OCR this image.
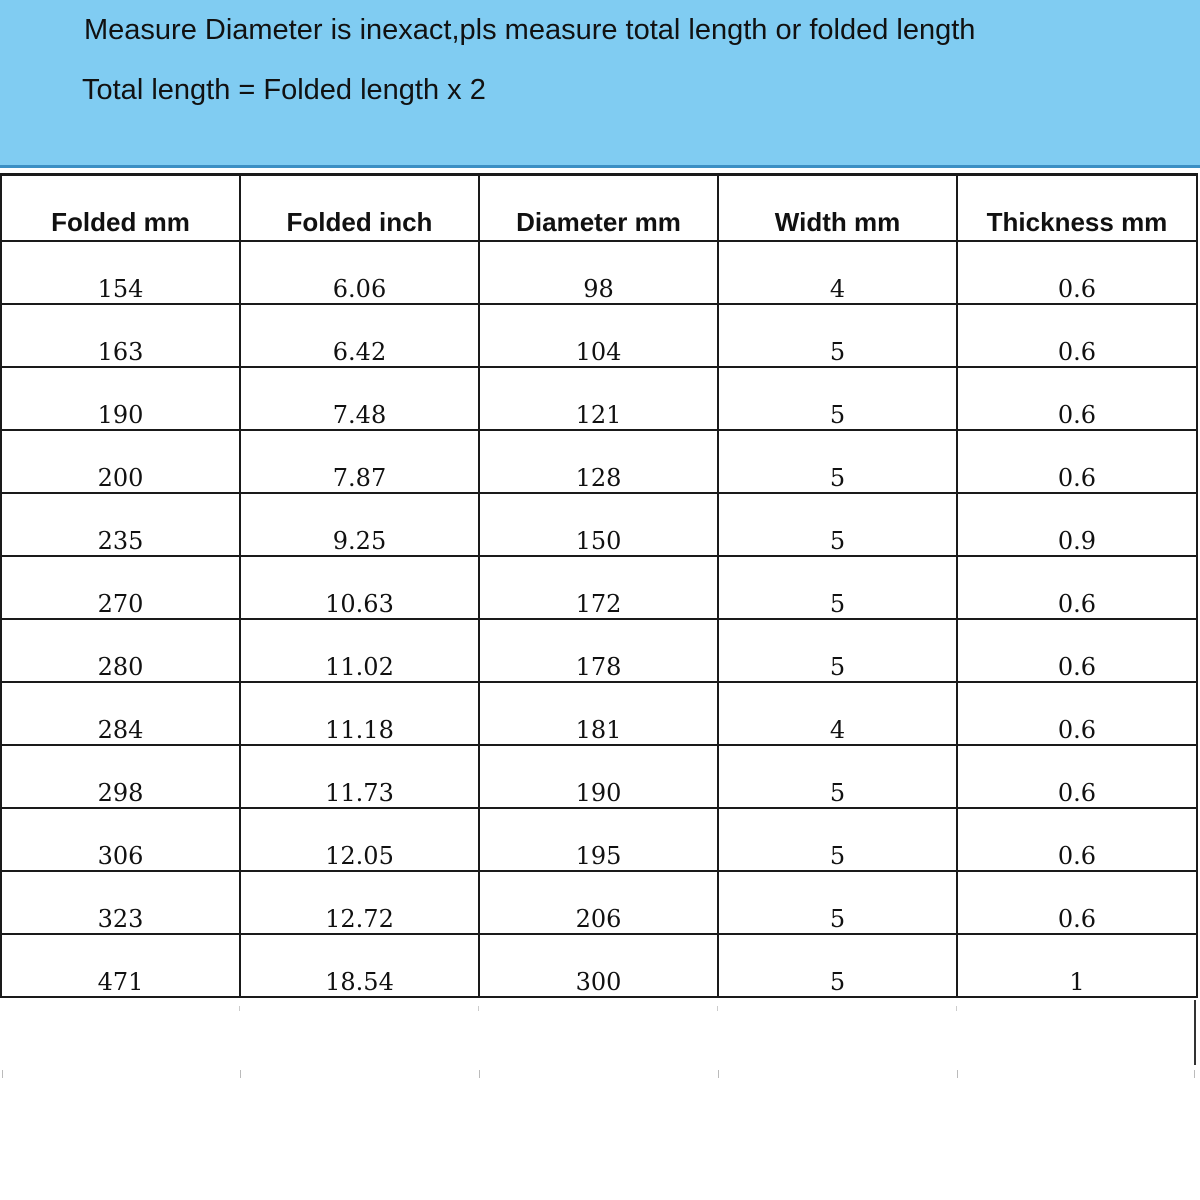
Measure Diameter is inexact,pls measure total length or folded length
Total length = Folded length x 2
Folded mm	Folded inch	Diameter mm	Width mm	Thickness mm
154	6.06	98	4	0.6
163	6.42	104	5	0.6
190	7.48	121	5	0.6
200	7.87	128	5	0.6
235	9.25	150	5	0.9
270	10.63	172	5	0.6
280	11.02	178	5	0.6
284	11.18	181	4	0.6
298	11.73	190	5	0.6
306	12.05	195	5	0.6
323	12.72	206	5	0.6
471	18.54	300	5	1
